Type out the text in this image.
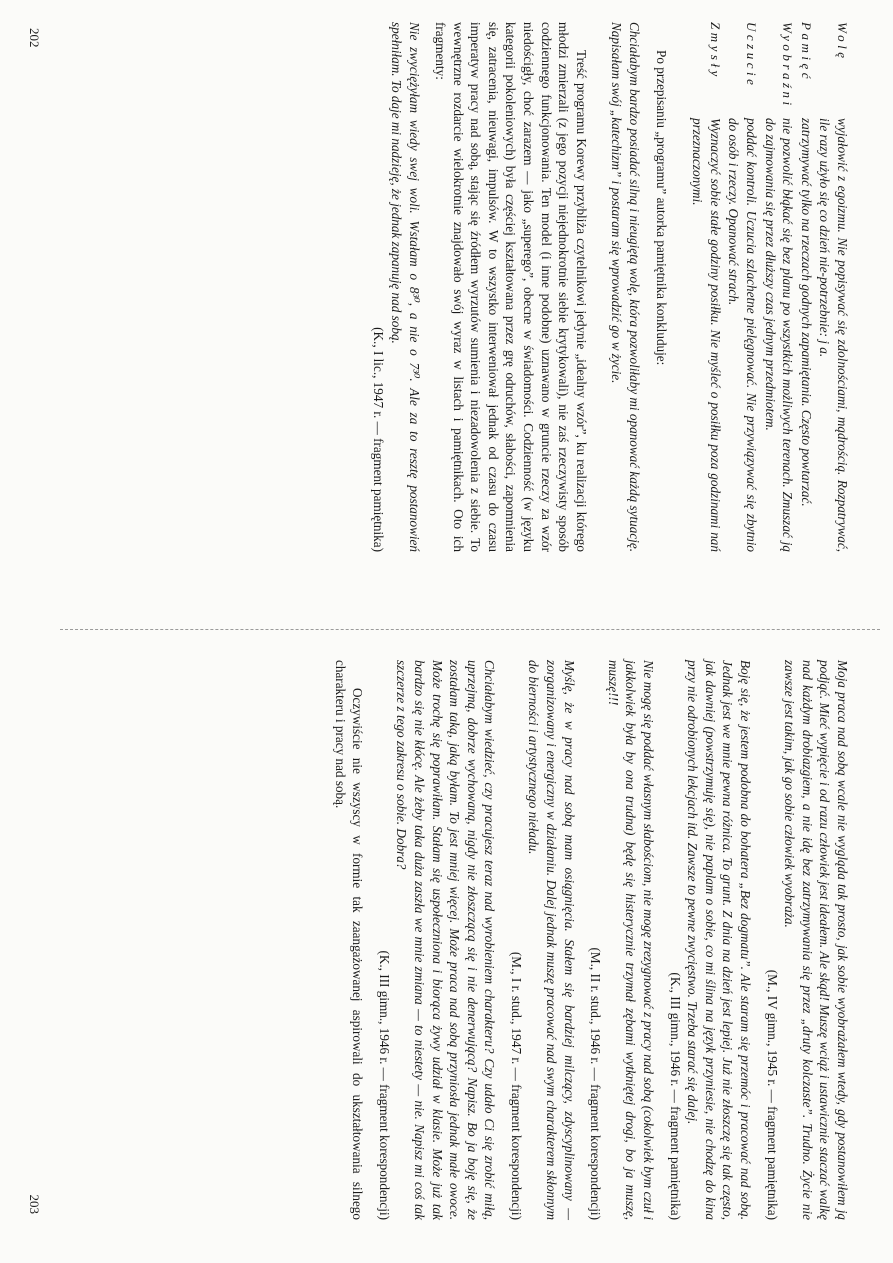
Wolę
wyjałowić z egoizmu. Nie popisywać się zdolnościami, mądrością. Rozpatrywać, ile razy użyło się co dzień nie-potrzebnie: j a.
Pamięć
zatrzymywać tylko na rzeczach godnych zapamiętania. Często powtarzać.
Wyobraźni
nie pozwolić błąkać się bez planu po wszystkich możliwych terenach. Zmuszać ją do zajmowania się przez dłuższy czas jednym przedmiotem.
Uczucie
poddać kontroli. Uczucia szlachetne pielęgnować. Nie przywiązywać się zbytnio do osób i rzeczy. Opanować strach.
Zmysły
Wyznaczyć sobie stałe godziny posiłku. Nie myśleć o posiłku poza godzinami nań przeznaczonymi.

Po przepisaniu „programu” autorka pamiętnika konkluduje:

Chciałabym bardzo posiadać silną i nieugiętą wolę, która pozwoliłaby mi opanować każdą sytuację. Napisałam swój „katechizm” i postaram się wprowadzić go w życie.

Treść programu Korewy przybliża czytelnikowi jedynie „idealny wzór”, ku realizacji którego młodzi zmierzali (z jego pozycji niejednokrotnie siebie krytykowali), nie zaś rzeczywisty sposób codziennego funkcjonowania. Ten model (i inne podobne) uznawano w gruncie rzeczy za wzór niedościgły, choć zarazem — jako „superego”, obecne w świadomości. Codzienność (w języku kategorii pokoleniowych) była częściej kształtowana przez grę odruchów, słabości, zapomnienia się, zatracenia, nieuwagi, impulsów. W to wszystko interweniował jednak od czasu do czasu imperatyw pracy nad sobą, stając się źródłem wyrzutów sumienia i niezadowolenia z siebie. To wewnętrzne rozdarcie wielokrotnie znajdowało swój wyraz w listach i pamiętnikach. Oto ich fragmenty:

Nie zwyciężyłam wiedy swej woli. Wstałam o 8³⁰, a nie o 7³⁰. Ale za to resztę postanowień spełniłam. To daje mi nadzieję, że jednak zapanuję nad sobą.

(K., I lic., 1947 r. — fragment pamiętnika)

202

Moja praca nad sobą wcale nie wygląda tak prosto, jak sobie wyobrażałem wtedy, gdy postanowiłem ją podjąć. Mieć wypięcie i od razu człowiek jest ideałem. Ale skąd! Muszę wciąż i ustawicznie staczać walkę nad każdym drobiazgiem, a nie idę bez zatrzymywania się przez „druty kolczaste”. Trudno. Życie nie zawsze jest takim, jak go sobie człowiek wyobraża.

(M., IV gimn., 1945 r. — fragment pamiętnika)

Boję się, że jestem podobna do bohatera „Bez dogmatu”. Ale staram się przemóc i pracować nad sobą. Jednak jest we mnie pewna różnica. To grunt. Z dnia na dzień jest lepiej. Już nie złoszczę się tak często, jak dawniej (powstrzymuję się), nie paplam o sobie, co mi ślina na język przyniesie, nie chodzę do kina przy nie odrobionych lekcjach itd. Zawsze to pewne zwycięstwo. Trzeba starać się dalej.

(K., III gimn., 1946 r. — fragment pamiętnika)

Nie mogę się poddać własnym słabościom, nie mogę zrezygnować z pracy nad sobą (cokolwiek bym czuł i jakkolwiek była by ona trudna) będę się histerycznie trzymał zębami wytkniętej drogi, bo ja muszę, muszę!!!

(M., II r. stud., 1946 r. — fragment korespondencji)

Myślę, że w pracy nad sobą mam osiągnięcia. Stałem się bardziej milczący, zdyscyplinowany — zorganizowany i energiczny w działaniu. Dalej jednak muszę pracować nad swym charakterem skłonnym do bierności i artystycznego nieładu.

(M., I r. stud., 1947 r. — fragment korespondencji)

Chciałabym wiedzieć, czy pracujesz teraz nad wyrobieniem charakteru? Czy udało Ci się zrobić miłą, uprzejmą, dobrze wychowaną, nigdy nie złoszczącą się i nie denerwującą? Napisz. Bo ja boję się, że zostałam taką, jaką byłam. To jest mniej więcej. Może praca nad sobą przyniosła jednak małe owoce. Może trochę się poprawiłam. Stałam się uspołeczniona i biorąca żywy udział w klasie. Może już tak bardzo się nie kłócę. Ale żeby taka duża zaszła we mnie zmiana — to niestety — nie. Napisz mi coś tak szczerze z tego zakresu o sobie. Dobra?

(K., III gimn., 1946 r. — fragment korespondencji)

Oczywiście nie wszyscy w formie tak zaangażowanej aspirowali do ukształtowania silnego charakteru i pracy nad sobą.

203
